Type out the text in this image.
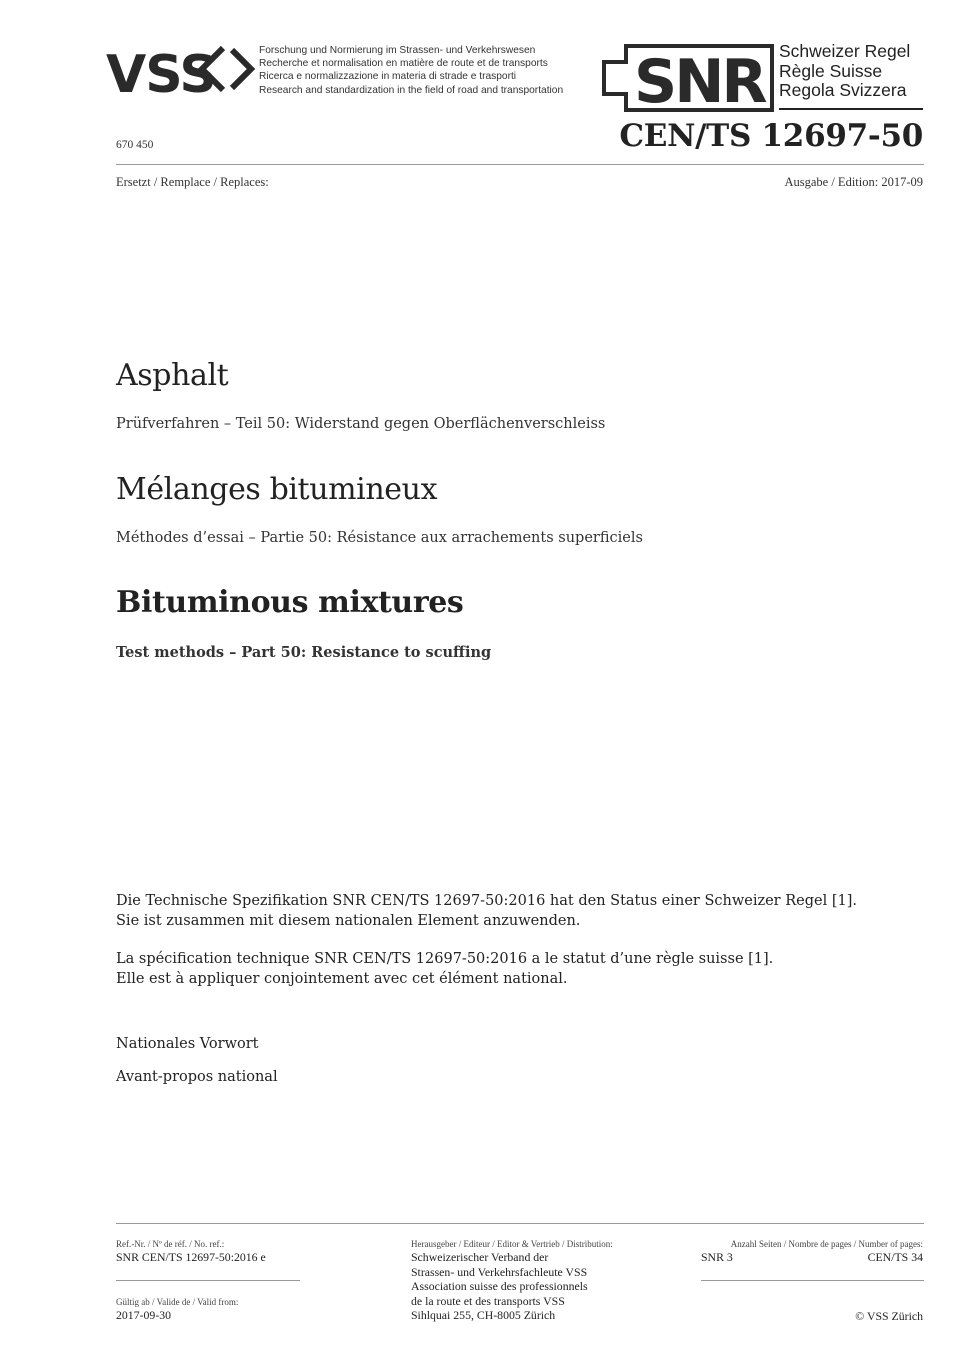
VSS	Forschung und Normierung im Strassen- und Verkehrswesen
Recherche et normalisation en matière de route et de transports
Ricerca e normalizzazione in materia di strade e trasporti
Research and standardization in the field of road and transportation SNR Schweizer Regel
Règle Suisse
Regola Svizzera
670 450	CEN/TS 12697-50
Ersetzt / Remplace / Replaces:	Ausgabe / Edition: 2017-09
Asphalt
Prüfverfahren – Teil 50: Widerstand gegen Oberflächenverschleiss
Mélanges bitumineux
Méthodes d’essai – Partie 50: Résistance aux arrachements superficiels
Bituminous mixtures
Test methods – Part 50: Resistance to scuffing
Die Technische Spezifikation SNR CEN/TS 12697-50:2016 hat den Status einer Schweizer Regel [1].
Sie ist zusammen mit diesem nationalen Element anzuwenden.
La spécification technique SNR CEN/TS 12697-50:2016 a le statut d’une règle suisse [1].
Elle est à appliquer conjointement avec cet élément national.
Nationales Vorwort
Avant-propos national
Ref.-Nr. / Nº de réf. / No. ref.:
SNR CEN/TS 12697-50:2016 e
Gültig ab / Valide de / Valid from:
2017-09-30
Herausgeber / Editeur / Editor & Vertrieb / Distribution:
Schweizerischer Verband der
Strassen- und Verkehrsfachleute VSS
Association suisse des professionnels
de la route et des transports VSS
Sihlquai 255, CH-8005 Zürich
Anzahl Seiten / Nombre de pages / Number of pages:
SNR 3	CEN/TS 34
© VSS Zürich
